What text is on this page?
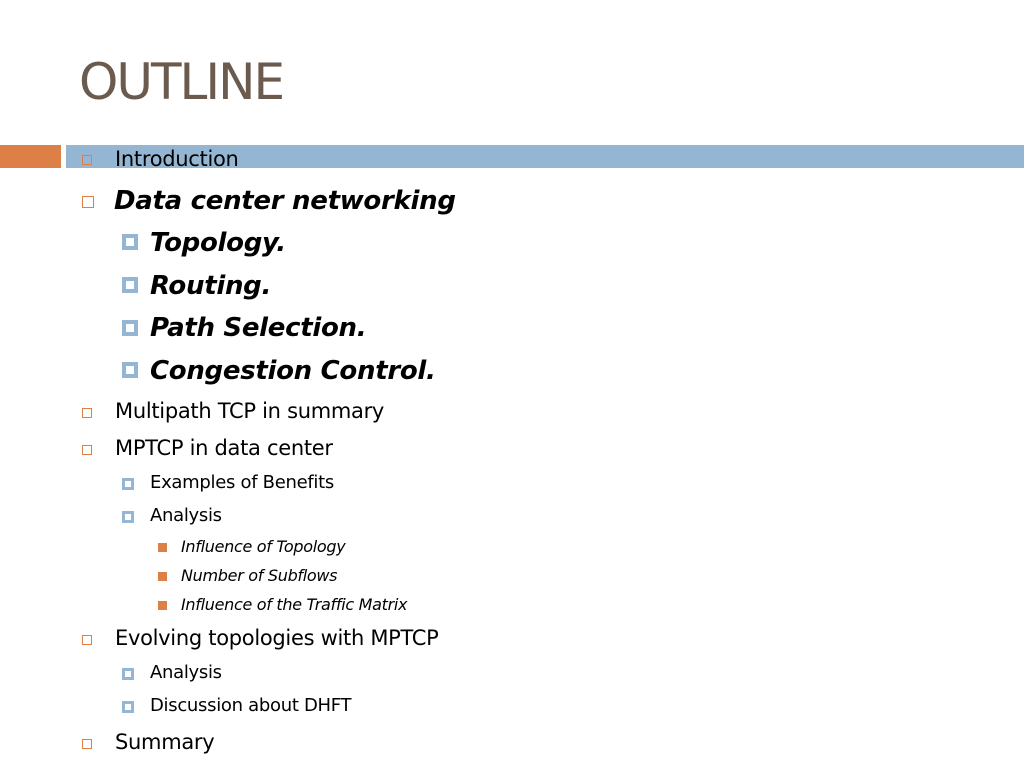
OUTLINE
Introduction
Data center networking
Topology.
Routing.
Path Selection.
Congestion Control.
Multipath TCP in summary
MPTCP in data center
Examples of Benefits
Analysis
Influence of Topology
Number of Subflows
Influence of the Traffic Matrix
Evolving topologies with MPTCP
Analysis
Discussion about DHFT
Summary
